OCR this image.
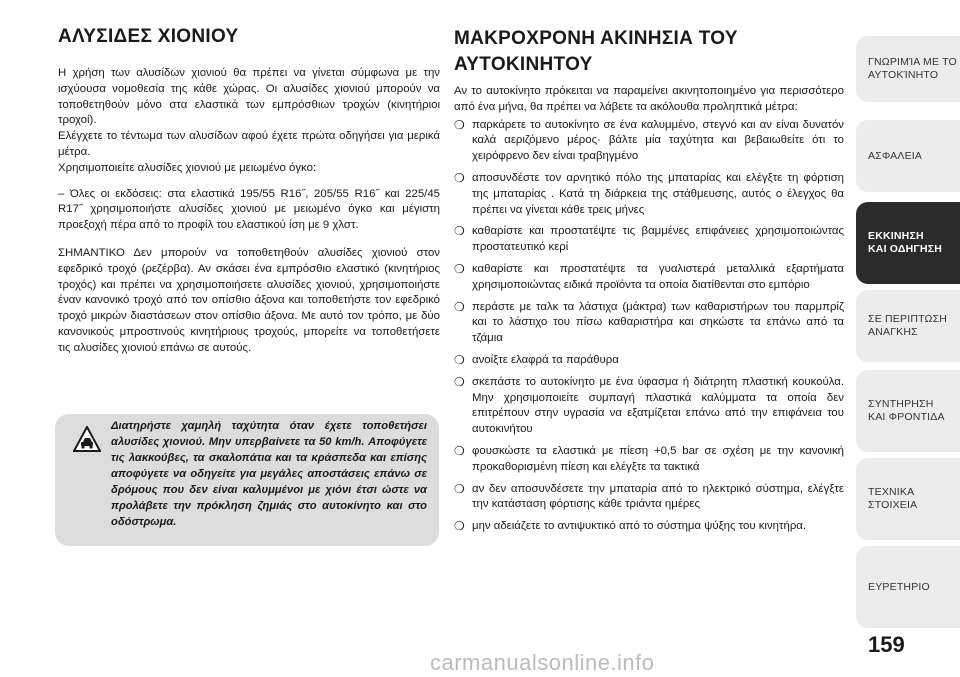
ΑΛΥΣΙΔΕΣ ΧΙΟΝΙΟΥ

Η χρήση των αλυσίδων χιονιού θα πρέπει να γίνεται σύμφωνα με την ισχύουσα νομοθεσία της κάθε χώρας. Οι αλυσίδες χιονιού μπορούν να τοποθετηθούν μόνο στα ελαστικά των εμπρόσθιων τροχών (κινητήριοι τροχοί).

Ελέγχετε το τέντωμα των αλυσίδων αφού έχετε πρώτα οδηγήσει για μερικά μέτρα.

Χρησιμοποιείτε αλυσίδες χιονιού με μειωμένο όγκο:

– Όλες οι εκδόσεις: στα ελαστικά 195/55 R16˝, 205/55 R16˝ και 225/45 R17˝ χρησιμοποιήστε αλυσίδες χιονιού με μειωμένο όγκο και μέγιστη προεξοχή πέρα από το προφίλ του ελαστικού ίση με 9 χλστ.

ΣΗΜΑΝΤΙΚΟ Δεν μπορούν να τοποθετηθούν αλυσίδες χιονιού στον εφεδρικό τροχό (ρεζέρβα). Αν σκάσει ένα εμπρόσθιο ελαστικό (κινητήριος τροχός) και πρέπει να χρησιμοποιήσετε αλυσίδες χιονιού, χρησιμοποιήστε έναν κανονικό τροχό από τον οπίσθιο άξονα και τοποθετήστε τον εφεδρικό τροχό μικρών διαστάσεων στον οπίσθιο άξονα. Με αυτό τον τρόπο, με δύο κανονικούς μπροστινούς κινητήριους τροχούς, μπορείτε να τοποθετήσετε τις αλυσίδες χιονιού επάνω σε αυτούς.

Διατηρήστε χαμηλή ταχύτητα όταν έχετε τοποθετήσει αλυσίδες χιονιού. Μην υπερβαίνετε τα 50 km/h. Αποφύγετε τις λακκούβες, τα σκαλοπάτια και τα κράσπεδα και επίσης αποφύγετε να οδηγείτε για μεγάλες αποστάσεις επάνω σε δρόμους που δεν είναι καλυμμένοι με χιόνι έτσι ώστε να προλάβετε την πρόκληση ζημιάς στο αυτοκίνητο και στο οδόστρωμα.

ΜΑΚΡΟΧΡΟΝΗ ΑΚΙΝΗΣΙΑ ΤΟΥ ΑΥΤΟΚΙΝΗΤΟΥ

Αν το αυτοκίνητο πρόκειται να παραμείνει ακινητοποιημένο για περισσότερο από ένα μήνα, θα πρέπει να λάβετε τα ακόλουθα προληπτικά μέτρα:

❍ παρκάρετε το αυτοκίνητο σε ένα καλυμμένο, στεγνό και αν είναι δυνατόν καλά αεριζόμενο μέρος· βάλτε μία ταχύτητα και βεβαιωθείτε ότι το χειρόφρενο δεν είναι τραβηγμένο
❍ αποσυνδέστε τον αρνητικό πόλο της μπαταρίας και ελέγξτε τη φόρτιση της μπαταρίας . Κατά τη διάρκεια της στάθμευσης, αυτός ο έλεγχος θα πρέπει να γίνεται κάθε τρεις μήνες
❍ καθαρίστε και προστατέψτε τις βαμμένες επιφάνειες χρησιμοποιώντας προστατευτικό κερί
❍ καθαρίστε και προστατέψτε τα γυαλιστερά μεταλλικά εξαρτήματα χρησιμοποιώντας ειδικά προϊόντα τα οποία διατίθενται στο εμπόριο
❍ περάστε με ταλκ τα λάστιχα (μάκτρα) των καθαριστήρων του παρμπρίζ και το λάστιχο του πίσω καθαριστήρα και σηκώστε τα επάνω από τα τζάμια
❍ ανοίξτε ελαφρά τα παράθυρα
❍ σκεπάστε το αυτοκίνητο με ένα ύφασμα ή διάτρητη πλαστική κουκούλα. Μην χρησιμοποιείτε συμπαγή πλαστικά καλύμματα τα οποία δεν επιτρέπουν στην υγρασία να εξατμίζεται επάνω από την επιφάνεια του αυτοκινήτου
❍ φουσκώστε τα ελαστικά με πίεση +0,5 bar σε σχέση με την κανονική προκαθορισμένη πίεση και ελέγξτε τα τακτικά
❍ αν δεν αποσυνδέσετε την μπαταρία από το ηλεκτρικό σύστημα, ελέγξτε την κατάσταση φόρτισης κάθε τριάντα ημέρες
❍ μην αδειάζετε το αντιψυκτικό από το σύστημα ψύξης του κινητήρα.
ΓΝΩΡΙΜΊΑ ΜΕ ΤΟ
ΑΥΤΟΚΊΝΗΤΟ
ΑΣΦΑΛΕΙΑ
ΕΚΚΙΝΗΣΗ
ΚΑΙ ΟΔΗΓΗΣΗ
ΣΕ ΠΕΡΙΠΤΩΣΗ
ΑΝΑΓΚΗΣ
ΣΥΝΤΗΡΗΣΗ
ΚΑΙ ΦΡΟΝΤΙΔΑ
ΤΕΧΝΙΚΑ
ΣΤΟΙΧΕΙΑ
ΕΥΡΕΤΗΡΙΟ
159
carmanualsonline.info
